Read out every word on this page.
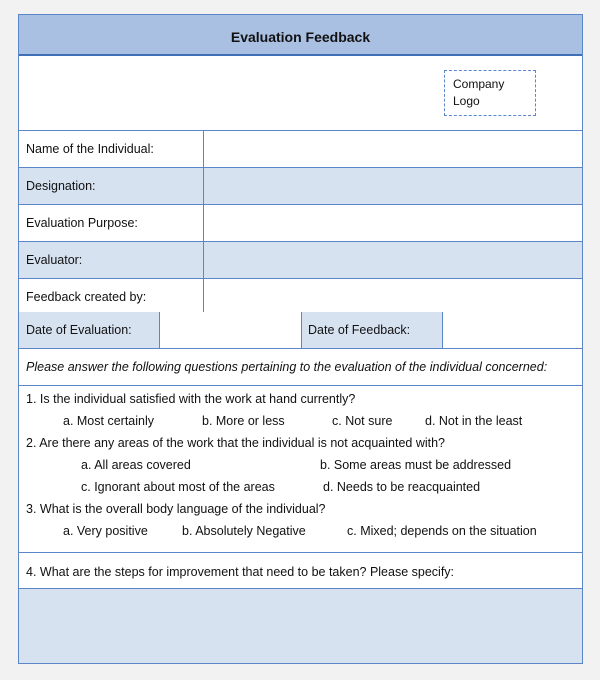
Evaluation Feedback
Company
Logo
Name of the Individual:
Designation:
Evaluation Purpose:
Evaluator:
Feedback created by:
Date of Evaluation:	Date of Feedback:
Please answer the following questions pertaining to the evaluation of the individual concerned:
1. Is the individual satisfied with the work at hand currently?
a. Most certainly	b. More or less	c. Not sure	d. Not in the least
2. Are there any areas of the work that the individual is not acquainted with?
a. All areas covered	b. Some areas must be addressed
c. Ignorant about most of the areas	d. Needs to be reacquainted
3. What is the overall body language of the individual?
a. Very positive	b. Absolutely Negative	c. Mixed; depends on the situation
4. What are the steps for improvement that need to be taken? Please specify:
